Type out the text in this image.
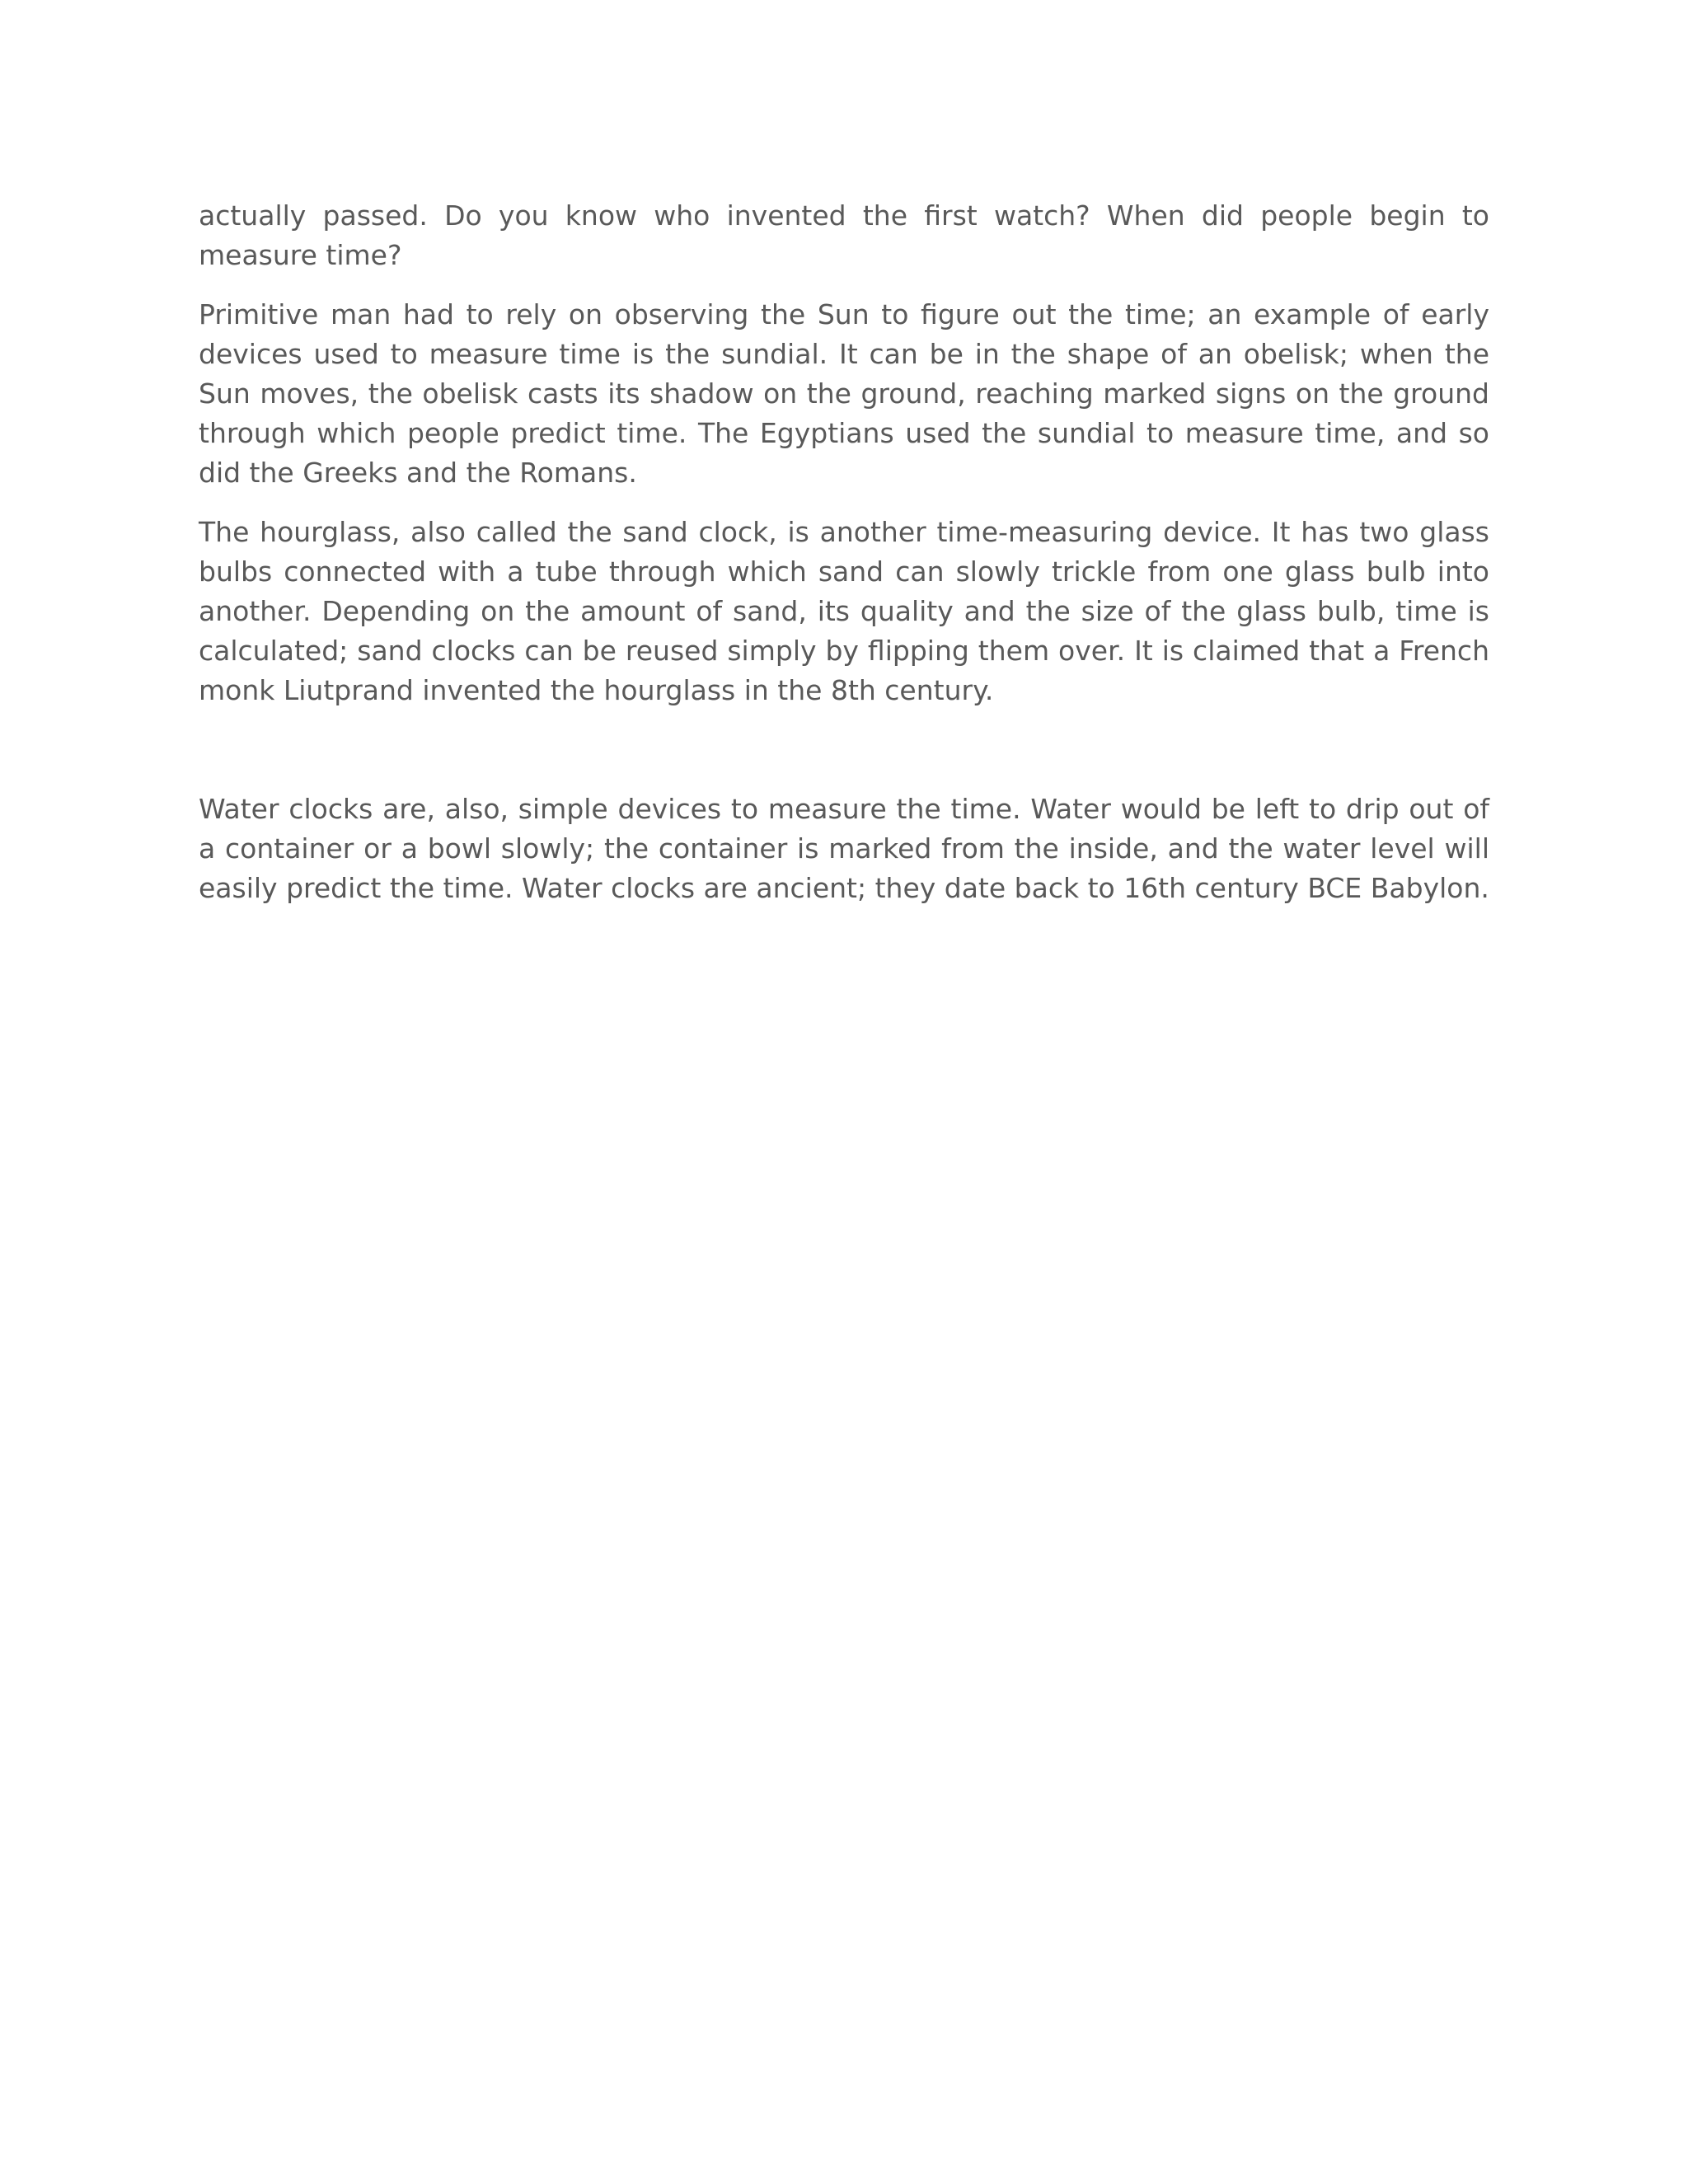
actually passed. Do you know who invented the first watch? When did people begin to measure time?

Primitive man had to rely on observing the Sun to figure out the time; an example of early devices used to measure time is the sundial. It can be in the shape of an obelisk; when the Sun moves, the obelisk casts its shadow on the ground, reaching marked signs on the ground through which people predict time. The Egyptians used the sundial to measure time, and so did the Greeks and the Romans.

The hourglass, also called the sand clock, is another time-measuring device. It has two glass bulbs connected with a tube through which sand can slowly trickle from one glass bulb into another. Depending on the amount of sand, its quality and the size of the glass bulb, time is calculated; sand clocks can be reused simply by flipping them over. It is claimed that a French monk Liutprand invented the hourglass in the 8th century.

Water clocks are, also, simple devices to measure the time. Water would be left to drip out of a container or a bowl slowly; the container is marked from the inside, and the water level will easily predict the time. Water clocks are ancient; they date back to 16th century BCE Babylon.
